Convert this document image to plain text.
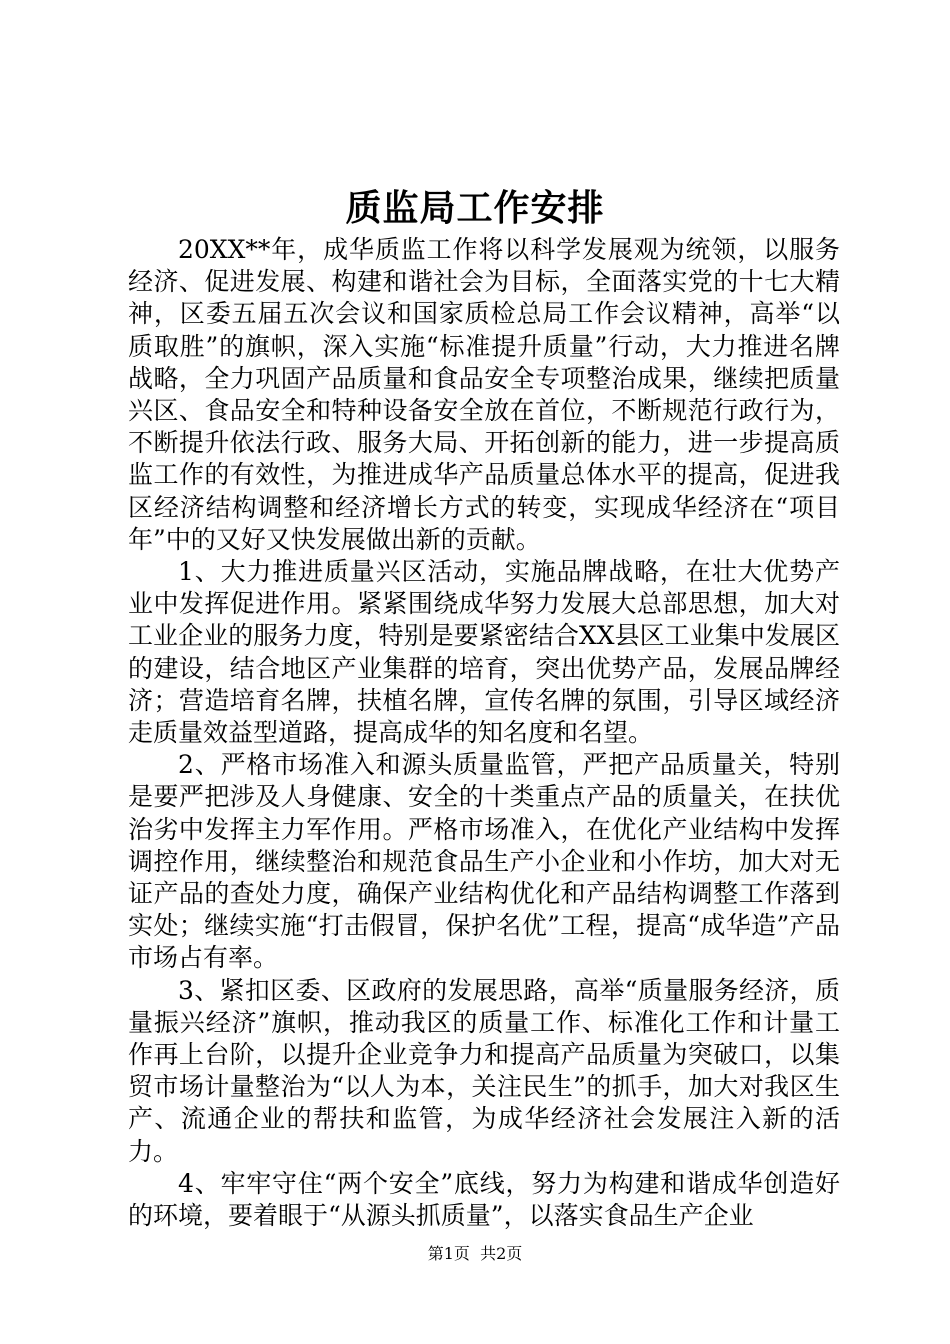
质监局工作安排

20XX**年，成华质监工作将以科学发展观为统领，以服务经济、促进发展、构建和谐社会为目标，全面落实党的十七大精神，区委五届五次会议和国家质检总局工作会议精神，高举“以质取胜”的旗帜，深入实施“标准提升质量”行动，大力推进名牌战略，全力巩固产品质量和食品安全专项整治成果，继续把质量兴区、食品安全和特种设备安全放在首位，不断规范行政行为，不断提升依法行政、服务大局、开拓创新的能力，进一步提高质监工作的有效性，为推进成华产品质量总体水平的提高，促进我区经济结构调整和经济增长方式的转变，实现成华经济在“项目年”中的又好又快发展做出新的贡献。

1、大力推进质量兴区活动，实施品牌战略，在壮大优势产业中发挥促进作用。紧紧围绕成华努力发展大总部思想，加大对工业企业的服务力度，特别是要紧密结合XX县区工业集中发展区的建设，结合地区产业集群的培育，突出优势产品，发展品牌经济；营造培育名牌，扶植名牌，宣传名牌的氛围，引导区域经济走质量效益型道路，提高成华的知名度和名望。

2、严格市场准入和源头质量监管，严把产品质量关，特别是要严把涉及人身健康、安全的十类重点产品的质量关，在扶优治劣中发挥主力军作用。严格市场准入，在优化产业结构中发挥调控作用，继续整治和规范食品生产小企业和小作坊，加大对无证产品的查处力度，确保产业结构优化和产品结构调整工作落到实处；继续实施“打击假冒，保护名优”工程，提高“成华造”产品市场占有率。

3、紧扣区委、区政府的发展思路，高举“质量服务经济，质量振兴经济”旗帜，推动我区的质量工作、标准化工作和计量工作再上台阶，以提升企业竞争力和提高产品质量为突破口，以集贸市场计量整治为“以人为本，关注民生”的抓手，加大对我区生产、流通企业的帮扶和监管，为成华经济社会发展注入新的活力。

4、牢牢守住“两个安全”底线，努力为构建和谐成华创造好的环境，要着眼于“从源头抓质量”，以落实食品生产企业

第1页 共2页
